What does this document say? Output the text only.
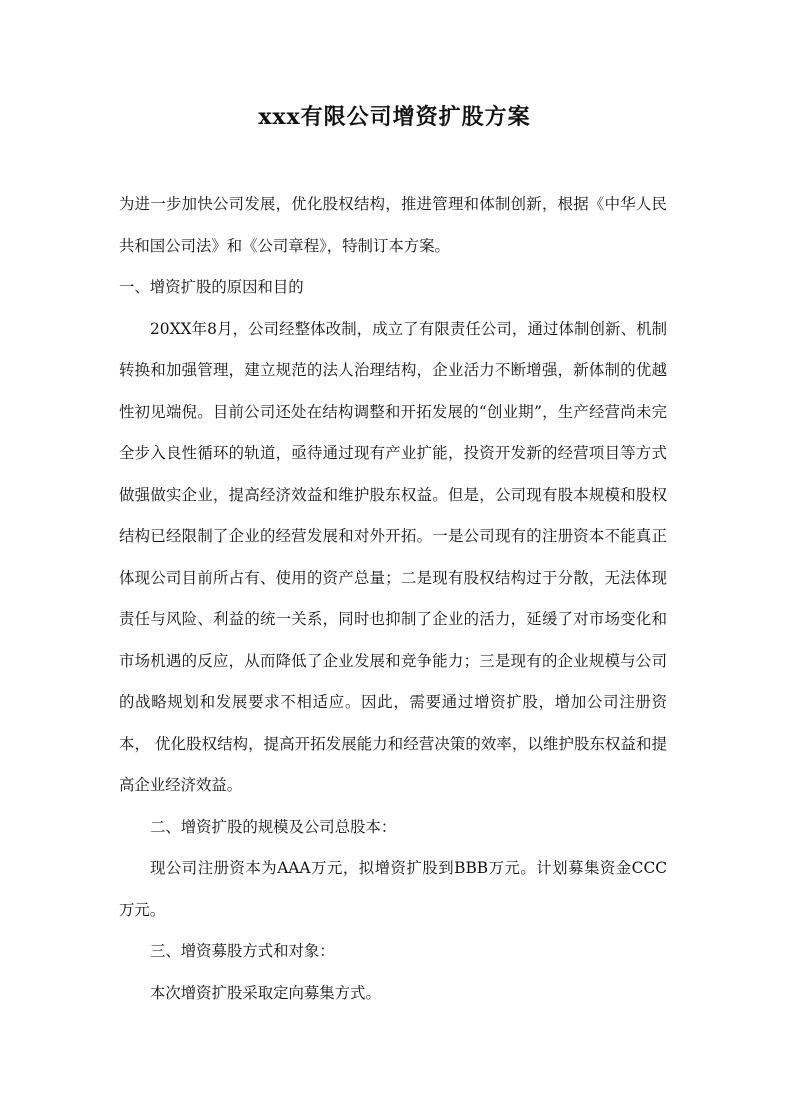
xxx有限公司增资扩股方案

为进一步加快公司发展，优化股权结构，推进管理和体制创新，根据《中华人民共和国公司法》和《公司章程》，特制订本方案。

一、增资扩股的原因和目的

20XX年8月，公司经整体改制，成立了有限责任公司，通过体制创新、机制转换和加强管理，建立规范的法人治理结构，企业活力不断增强，新体制的优越性初见端倪。目前公司还处在结构调整和开拓发展的“创业期”，生产经营尚未完全步入良性循环的轨道，亟待通过现有产业扩能，投资开发新的经营项目等方式做强做实企业，提高经济效益和维护股东权益。但是，公司现有股本规模和股权结构已经限制了企业的经营发展和对外开拓。一是公司现有的注册资本不能真正体现公司目前所占有、使用的资产总量；二是现有股权结构过于分散，无法体现责任与风险、利益的统一关系，同时也抑制了企业的活力，延缓了对市场变化和市场机遇的反应，从而降低了企业发展和竞争能力；三是现有的企业规模与公司的战略规划和发展要求不相适应。因此，需要通过增资扩股，增加公司注册资本， 优化股权结构，提高开拓发展能力和经营决策的效率，以维护股东权益和提高企业经济效益。

二、增资扩股的规模及公司总股本：

现公司注册资本为AAA万元，拟增资扩股到BBB万元。计划募集资金CCC万元。

三、增资募股方式和对象：

本次增资扩股采取定向募集方式。
